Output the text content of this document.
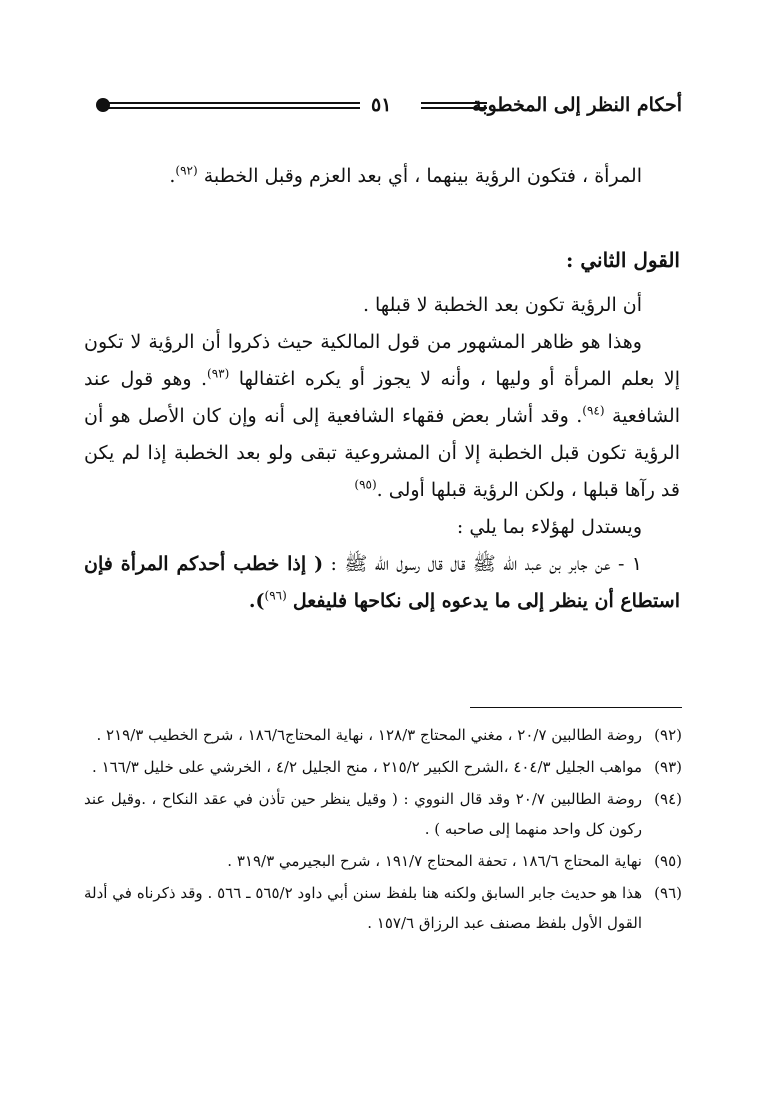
٥١	أحكام النظر إلى المخطوبة

المرأة ، فتكون الرؤية بينهما ، أي بعد العزم وقبل الخطبة $^{(٩٢)}$.

القول الثاني :

أن الرؤية تكون بعد الخطبة لا قبلها .

وهذا هو ظاهر المشهور من قول المالكية حيث ذكروا أن الرؤية لا تكون إلا بعلم المرأة أو وليها ، وأنه لا يجوز أو يكره اغتفالها $^{(٩٣)}$. وهو قول عند الشافعية $^{(٩٤)}$. وقد أشار بعض فقهاء الشافعية إلى أنه وإن كان الأصل هو أن الرؤية تكون قبل الخطبة إلا أن المشروعية تبقى ولو بعد الخطبة إذا لم يكن قد رآها قبلها ، ولكن الرؤية قبلها أولى .$^{(٩٥)}$

ويستدل لهؤلاء بما يلي :

١ - عن جابر بن عبد الله ﷺ قال قال رسول الله ﷺ : ( إذا خطب أحدكم المرأة فإن استطاع أن ينظر إلى ما يدعوه إلى نكاحها فليفعل $^{(٩٦)}$).

(٩٢)
روضة الطالبين ٢٠/٧ ، مغني المحتاج ١٢٨/٣ ، نهاية المحتاج١٨٦/٦ ، شرح الخطيب ٢١٩/٣ .

(٩٣)
مواهب الجليل ٤٠٤/٣ ،الشرح الكبير ٢١٥/٢ ، منح الجليل ٤/٢ ، الخرشي على خليل ١٦٦/٣ .

(٩٤)
روضة الطالبين ٢٠/٧ وقد قال النووي : ( وقيل ينظر حين تأذن في عقد النكاح ، .وقيل عند ركون كل واحد منهما إلى صاحبه ) .

(٩٥)
نهاية المحتاج ١٨٦/٦ ، تحفة المحتاج ١٩١/٧ ، شرح البجيرمي ٣١٩/٣ .

(٩٦)
هذا هو حديث جابر السابق ولكنه هنا بلفظ سنن أبي داود ٥٦٥/٢ ـ ٥٦٦ . وقد ذكرناه في أدلة القول الأول بلفظ مصنف عبد الرزاق ١٥٧/٦ .
